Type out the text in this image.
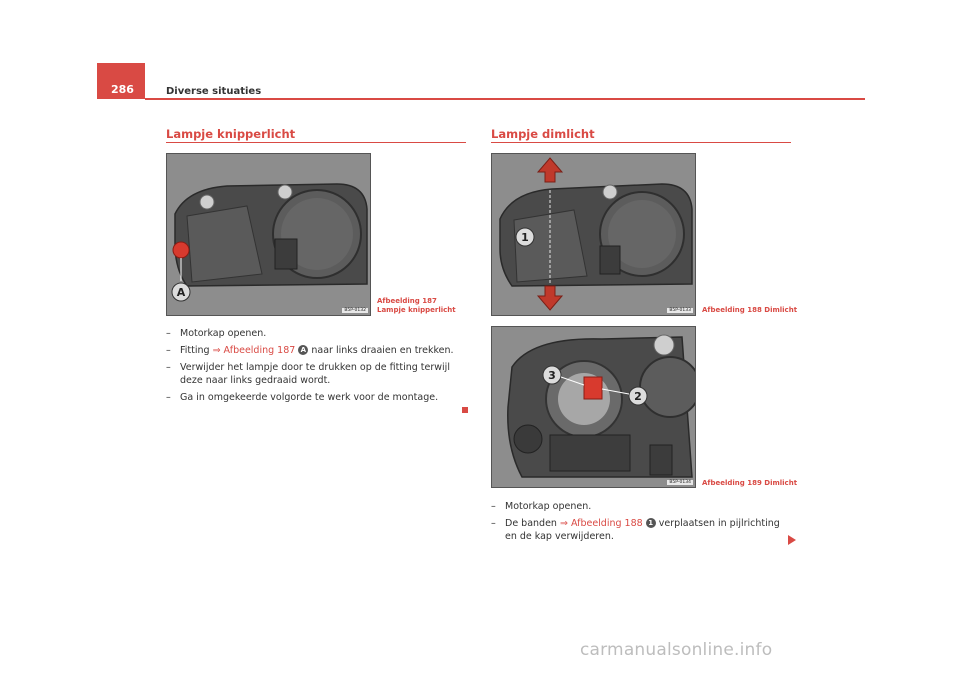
286	Diverse situaties
Lampje knipperlicht
A
B5P-0132
Afbeelding 187 Lampje knipperlicht
– Motorkap openen.
– Fitting ⇒ Afbeelding 187 A naar links draaien en trekken.
– Verwijder het lampje door te drukken op de fitting terwijl deze naar links gedraaid wordt.
– Ga in omgekeerde volgorde te werk voor de montage.
Lampje dimlicht
1
B5P-0133 Afbeelding 188 Dimlicht
3
2
B5P-0134 Afbeelding 189 Dimlicht
– Motorkap openen.
– De banden ⇒ Afbeelding 188 1 verplaatsen in pijlrichting en de kap verwijderen.
carmanualsonline.info
